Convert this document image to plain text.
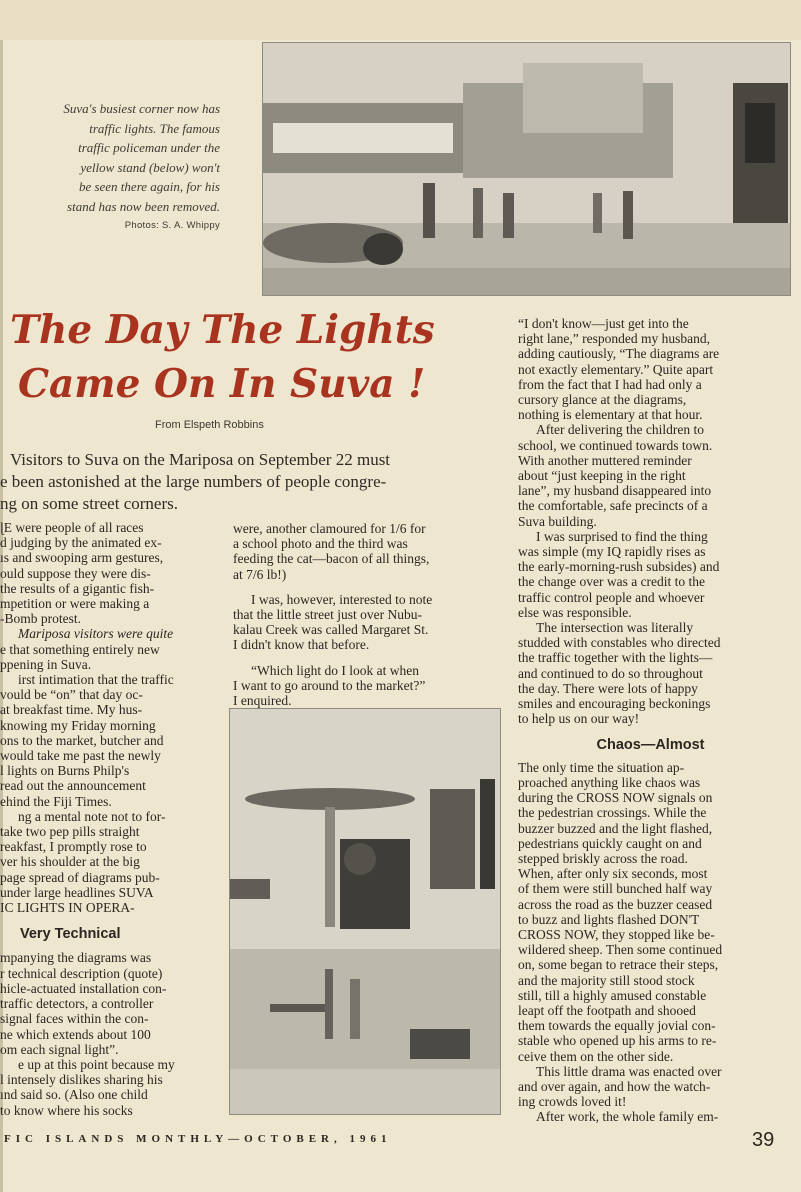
Suva's busiest corner now has
traffic lights. The famous
traffic policeman under the
yellow stand (below) won't
be seen there again, for his
stand has now been removed.
Photos: S. A. Whippy
The Day The Lights
Came On In Suva !
From Elspeth Robbins
Visitors to Suva on the Mariposa on September 22 must
e been astonished at the large numbers of people congre-
ng on some street corners.

ɭE were people of all races
d judging by the animated ex-
ıs and swooping arm gestures,
ould suppose they were dis-
the results of a gigantic fish-
mpetition or were making a
-Bomb protest.

Mariposa visitors were quite
e that something entirely new
ppening in Suva.

irst intimation that the traffic
vould be “on” that day oc-
at breakfast time. My hus-
knowing my Friday morning
ons to the market, butcher and
would take me past the newly
l lights on Burns Philp's
read out the announcement
ehind the Fiji Times.

ng a mental note not to for-
take two pep pills straight
reakfast, I promptly rose to
ver his shoulder at the big
page spread of diagrams pub-
under large headlines SUVA
IC LIGHTS IN OPERA-

Very Technical

mpanying the diagrams was
r technical description (quote)
hicle-actuated installation con-
traffic detectors, a controller
signal faces within the con-
ne which extends about 100
om each signal light”.

e up at this point because my
l intensely dislikes sharing his
ınd said so. (Also one child
to know where his socks

were, another clamoured for 1/6 for
a school photo and the third was
feeding the cat—bacon of all things,
at 7/6 lb!)

I was, however, interested to note
that the little street just over Nubu-
kalau Creek was called Margaret St.
I didn't know that before.

“Which light do I look at when
I want to go around to the market?”
I enquired.

“I don't know—just get into the
right lane,” responded my husband,
adding cautiously, “The diagrams are
not exactly elementary.” Quite apart
from the fact that I had had only a
cursory glance at the diagrams,
nothing is elementary at that hour.

After delivering the children to
school, we continued towards town.
With another muttered reminder
about “just keeping in the right
lane”, my husband disappeared into
the comfortable, safe precincts of a
Suva building.

I was surprised to find the thing
was simple (my IQ rapidly rises as
the early-morning-rush subsides) and
the change over was a credit to the
traffic control people and whoever
else was responsible.

The intersection was literally
studded with constables who directed
the traffic together with the lights—
and continued to do so throughout
the day. There were lots of happy
smiles and encouraging beckonings
to help us on our way!

Chaos—Almost

The only time the situation ap-
proached anything like chaos was
during the CROSS NOW signals on
the pedestrian crossings. While the
buzzer buzzed and the light flashed,
pedestrians quickly caught on and
stepped briskly across the road.
When, after only six seconds, most
of them were still bunched half way
across the road as the buzzer ceased
to buzz and lights flashed DON'T
CROSS NOW, they stopped like be-
wildered sheep. Then some continued
on, some began to retrace their steps,
and the majority still stood stock
still, till a highly amused constable
leapt off the footpath and shooed
them towards the equally jovial con-
stable who opened up his arms to re-
ceive them on the other side.

This little drama was enacted over
and over again, and how the watch-
ing crowds loved it!

After work, the whole family em-

FIC ISLANDS MONTHLY—OCTOBER, 1961	39
